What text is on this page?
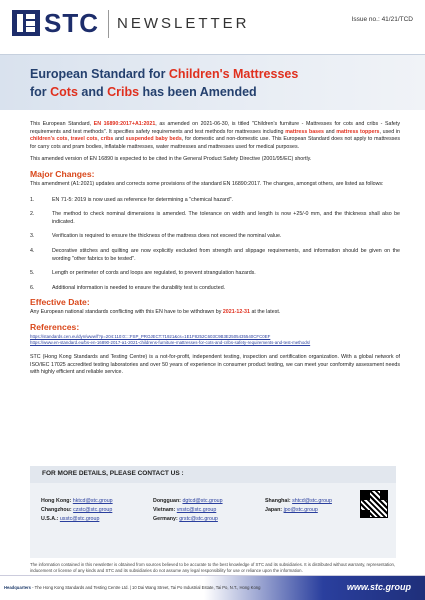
STC NEWSLETTER	Issue no.: 41/21/TCD
European Standard for Children's Mattresses
for Cots and Cribs has been Amended

This European Standard, EN 16890:2017+A1:2021, as amended on 2021-06-30, is titled "Children's furniture - Mattresses for cots and cribs - Safety requirements and test methods". It specifies safety requirements and test methods for mattresses including mattress bases and mattress toppers, used in children's cots, travel cots, cribs and suspended baby beds, for domestic and non-domestic use. This European Standard does not apply to mattresses for carry cots and pram bodies, inflatable mattresses, water mattresses and mattresses used for medical purposes.

This amended version of EN 16890 is expected to be cited in the General Product Safety Directive (2001/95/EC) shortly.

Major Changes:

This amendment (A1:2021) updates and corrects some provisions of the standard EN 16890:2017. The changes, amongst others, are listed as follows:

1.	EN 71-5: 2019 is now used as reference for determining a "chemical hazard".
2.	The method to check nominal dimensions is amended. The tolerance on width and length is now +25/-0 mm, and the thickness shall also be indicated.
3.	Verification is required to ensure the thickness of the mattress does not exceed the nominal value.
4.	Decorative stitches and quilting are now explicitly excluded from strength and slippage requirements, and information should be given on the wording "other fabrics to be tested".
5.	Length or perimeter of cords and loops are regulated, to prevent strangulation hazards.
6.	Additional information is needed to ensure the durability test is conducted.
Effective Date:

Any European national standards conflicting with this EN have to be withdrawn by 2021-12-31 at the latest.

References:

https://standards.cen.eu/dyn/www/f?p=204:110:0::::FSP_PROJECT:71921&cs=1E1F8252C603C9B3E2505435540CFC0EF

https://www.en-standard.eu/bs-en-16890-2017-a1-2021-childrens-furniture-mattresses-for-cots-and-cribs-safety-requirements-and-test-methods/

STC (Hong Kong Standards and Testing Centre) is a not-for-profit, independent testing, inspection and certification organization. With a global network of ISO/IEC 17025 accredited testing laboratories and over 50 years of experience in consumer product testing, we can meet your conformity assessment needs with highly efficient and reliable service.

FOR MORE DETAILS, PLEASE CONTACT US :
Hong Kong: hktcd@stc.group	Dongguan: dgtcd@stc.group	Shanghai: shtcd@stc.group
Changzhou: czstc@stc.group	Vietnam: vnstc@stc.group	Japan: jpo@stc.group
U.S.A.: usstc@stc.group	Germany: grstc@stc.group
The information contained in this newsletter is obtained from sources believed to be accurate to the best knowledge of STC and its subsidiaries. It is distributed without warranty, representation, inducement or license of any kinds and STC and its subsidiaries do not assume any legal responsibility for use or reliance upon the information.
Headquarters - The Hong Kong Standards and Testing Centre Ltd. | 10 Dai Wang Street, Tai Po Industrial Estate, Tai Po, N.T., Hong Kong	www.stc.group
